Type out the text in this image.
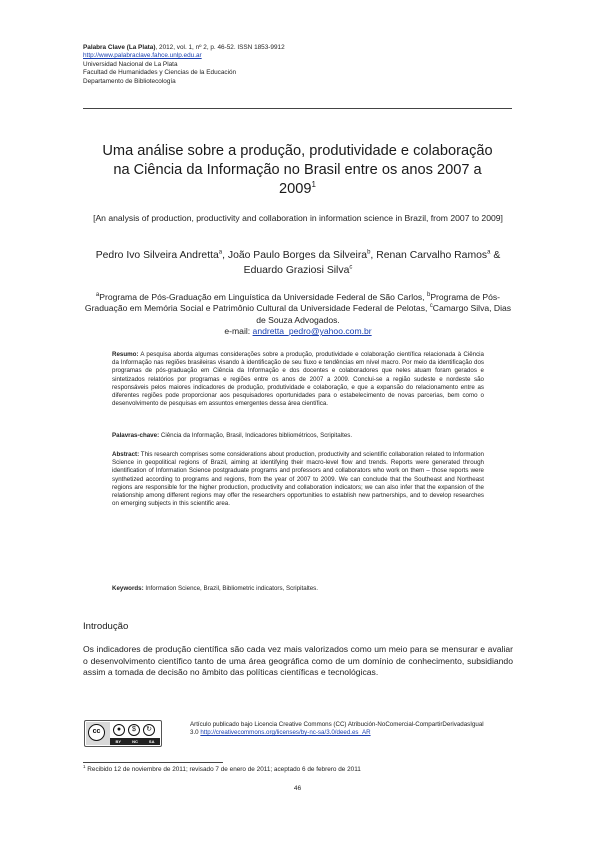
Palabra Clave (La Plata), 2012, vol. 1, nº 2, p. 46-52. ISSN 1853-9912
http://www.palabraclave.fahce.unlp.edu.ar
Universidad Nacional de La Plata
Facultad de Humanidades y Ciencias de la Educación
Departamento de Bibliotecología
Uma análise sobre a produção, produtividade e colaboração na Ciência da Informação no Brasil entre os anos 2007 a 2009$^1$
[An analysis of production, productivity and collaboration in information science in Brazil, from 2007 to 2009]
Pedro Ivo Silveira Andretta$^a$, João Paulo Borges da Silveira$^b$, Renan Carvalho Ramos$^a$ & Eduardo Graziosi Silva$^c$
$^a$Programa de Pós-Graduação em Linguística da Universidade Federal de São Carlos, $^b$Programa de Pós-Graduação em Memória Social e Patrimônio Cultural da Universidade Federal de Pelotas, $^c$Camargo Silva, Dias de Souza Advogados.
e-mail: andretta_pedro@yahoo.com.br
Resumo: A pesquisa aborda algumas considerações sobre a produção, produtividade e colaboração científica relacionada à Ciência da Informação nas regiões brasileiras visando à identificação de seu fluxo e tendências em nível macro. Por meio da identificação dos programas de pós-graduação em Ciência da Informação e dos docentes e colaboradores que neles atuam foram gerados e sintetizados relatórios por programas e regiões entre os anos de 2007 a 2009. Conclui-se a região sudeste e nordeste são responsáveis pelos maiores indicadores de produção, produtividade e colaboração, e que a expansão do relacionamento entre as diferentes regiões pode proporcionar aos pesquisadores oportunidades para o estabelecimento de novas parcerias, bem como o desenvolvimento de pesquisas em assuntos emergentes dessa área científica.
Palavras-chave: Ciência da Informação, Brasil, Indicadores bibliométricos, Scripitaltes.
Abstract: This research comprises some considerations about production, productivity and scientific collaboration related to Information Science in geopolitical regions of Brazil, aiming at identifying their macro-level flow and trends. Reports were generated through identification of Information Science postgraduate programs and professors and collaborators who work on them – those reports were synthetized according to programs and regions, from the year of 2007 to 2009. We can conclude that the Southeast and Northeast regions are responsible for the higher production, productivity and collaboration indicators; we can also infer that the expansion of the relationship among different regions may offer the researchers opportunities to establish new partnerships, and to develop researches on emerging subjects in this scientific area.
Keywords: Information Science, Brazil, Bibliometric indicators, Scripitaltes.
Introdução
Os indicadores de produção científica são cada vez mais valorizados como um meio para se mensurar e avaliar o desenvolvimento científico tanto de uma área geográfica como de um domínio de conhecimento, subsidiando assim a tomada de decisão no âmbito das políticas científicas e tecnológicas.
cc	●	$	↻
BY	NC	SA
Artículo publicado bajo Licencia Creative Commons (CC) Atribución-NoComercial-CompartirDerivadasIgual 3.0 http://creativecommons.org/licenses/by-nc-sa/3.0/deed.es_AR
$^1$ Recibido 12 de noviembre de 2011; revisado 7 de enero de 2011; aceptado 6 de febrero de 2011
46
